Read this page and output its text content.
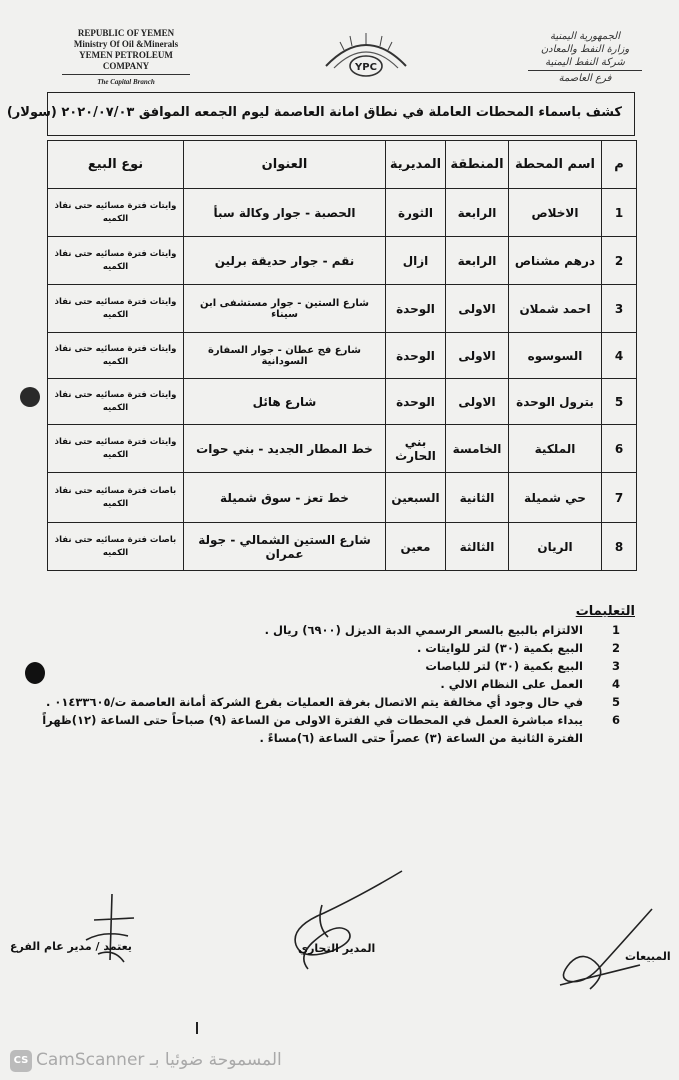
REPUBLIC OF YEMEN
Ministry Of Oil &Minerals
YEMEN PETROLEUM COMPANY
The Capital Branch
YPC
الجمهورية اليمنية
وزارة النفط والمعادن
شركة النفط اليمنية
فرع العاصمة
كشف باسماء المحطات العاملة في نطاق امانة العاصمة ليوم الجمعه الموافق ٢٠٢٠/٠٧/٠٣ (سولار)
م	اسم المحطة	المنطقة	المديرية	العنوان	نوع البيع
1	الاخلاص	الرابعة	الثورة	الحصبة - جوار وكالة سبأ	وايتات فترة مسائيه حتى نفاذ الكميه
2	درهم مشناص	الرابعة	ازال	نقم - جوار حديقة برلين	وايتات فترة مسائيه حتى نفاذ الكميه
3	احمد شملان	الاولى	الوحدة	شارع الستين - جوار مستشفى ابن سيناء	وايتات فترة مسائيه حتى نفاذ الكميه
4	السوسوه	الاولى	الوحدة	شارع فج عطان - جوار السفارة السودانية	وايتات فترة مسائيه حتى نفاذ الكميه
5	بترول الوحدة	الاولى	الوحدة	شارع هائل	وايتات فترة مسائيه حتى نفاذ الكميه
6	الملكية	الخامسة	بني الحارث	خط المطار الجديد - بني حوات	وايتات فترة مسائيه حتى نفاذ الكميه
7	حي شميلة	الثانية	السبعين	خط تعز - سوق شميلة	باصات فترة مسائيه حتى نفاذ الكميه
8	الريان	الثالثة	معين	شارع الستين الشمالي - جولة عمران	باصات فترة مسائيه حتى نفاذ الكميه
التعليمات
1
الالتزام بالبيع بالسعر الرسمي الدبة الديزل (٦٩٠٠) ريال .
2
البيع بكمية (٣٠) لتر للوايتات .
3
البيع بكمية (٣٠) لتر للباصات
4
العمل على النظام الالي .
5
في حال وجود أي مخالفة يتم الاتصال بغرفة العمليات بفرع الشركة أمانة العاصمة ت/٠١٤٣٣٦٠٥ .
6
يبداء مباشرة العمل في المحطات في الفترة الاولى من الساعة (٩) صباحاً حتى الساعة (١٢)ظهراً
الفترة الثانية من الساعة (٣) عصراً حتى الساعة (٦)مساءً .
المبيعات
المدير التجاري
يعتمد / مدير عام الفرع
CS CamScanner المسموحة ضوئيا بـ
